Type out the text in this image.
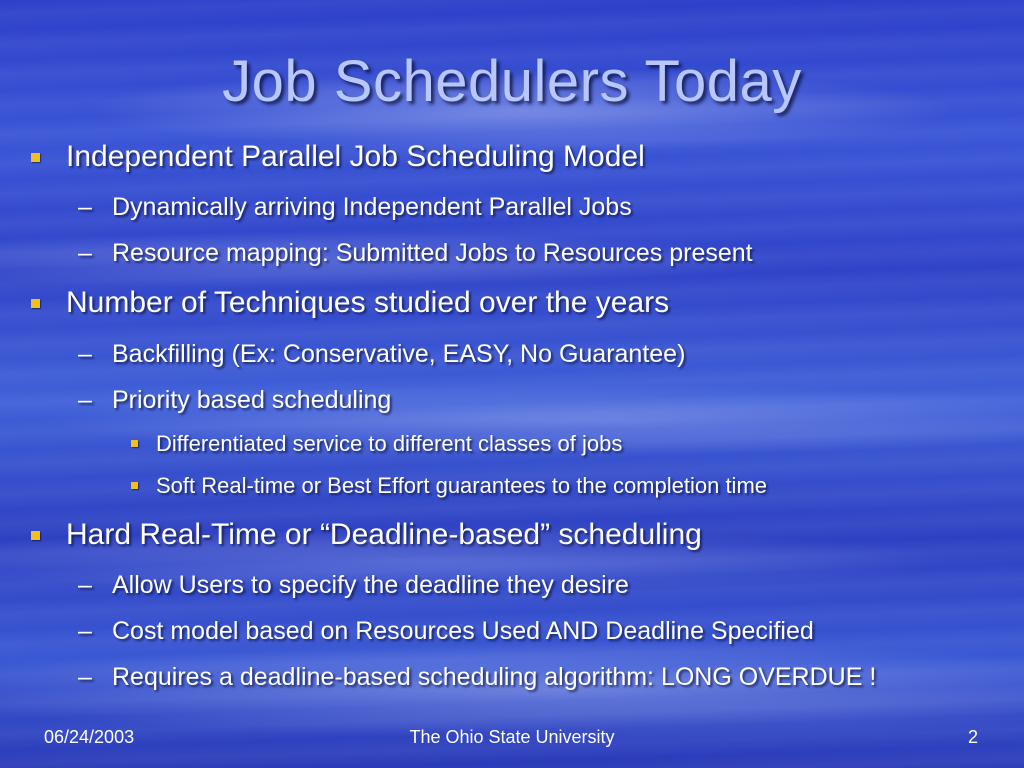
Job Schedulers Today
Independent Parallel Job Scheduling Model
– Dynamically arriving Independent Parallel Jobs
– Resource mapping: Submitted Jobs to Resources present
Number of Techniques studied over the years
– Backfilling (Ex: Conservative, EASY, No Guarantee)
– Priority based scheduling
Differentiated service to different classes of jobs
Soft Real-time or Best Effort guarantees to the completion time
Hard Real-Time or “Deadline-based” scheduling
– Allow Users to specify the deadline they desire
– Cost model based on Resources Used AND Deadline Specified
– Requires a deadline-based scheduling algorithm: LONG OVERDUE !
06/24/2003	The Ohio State University	2
